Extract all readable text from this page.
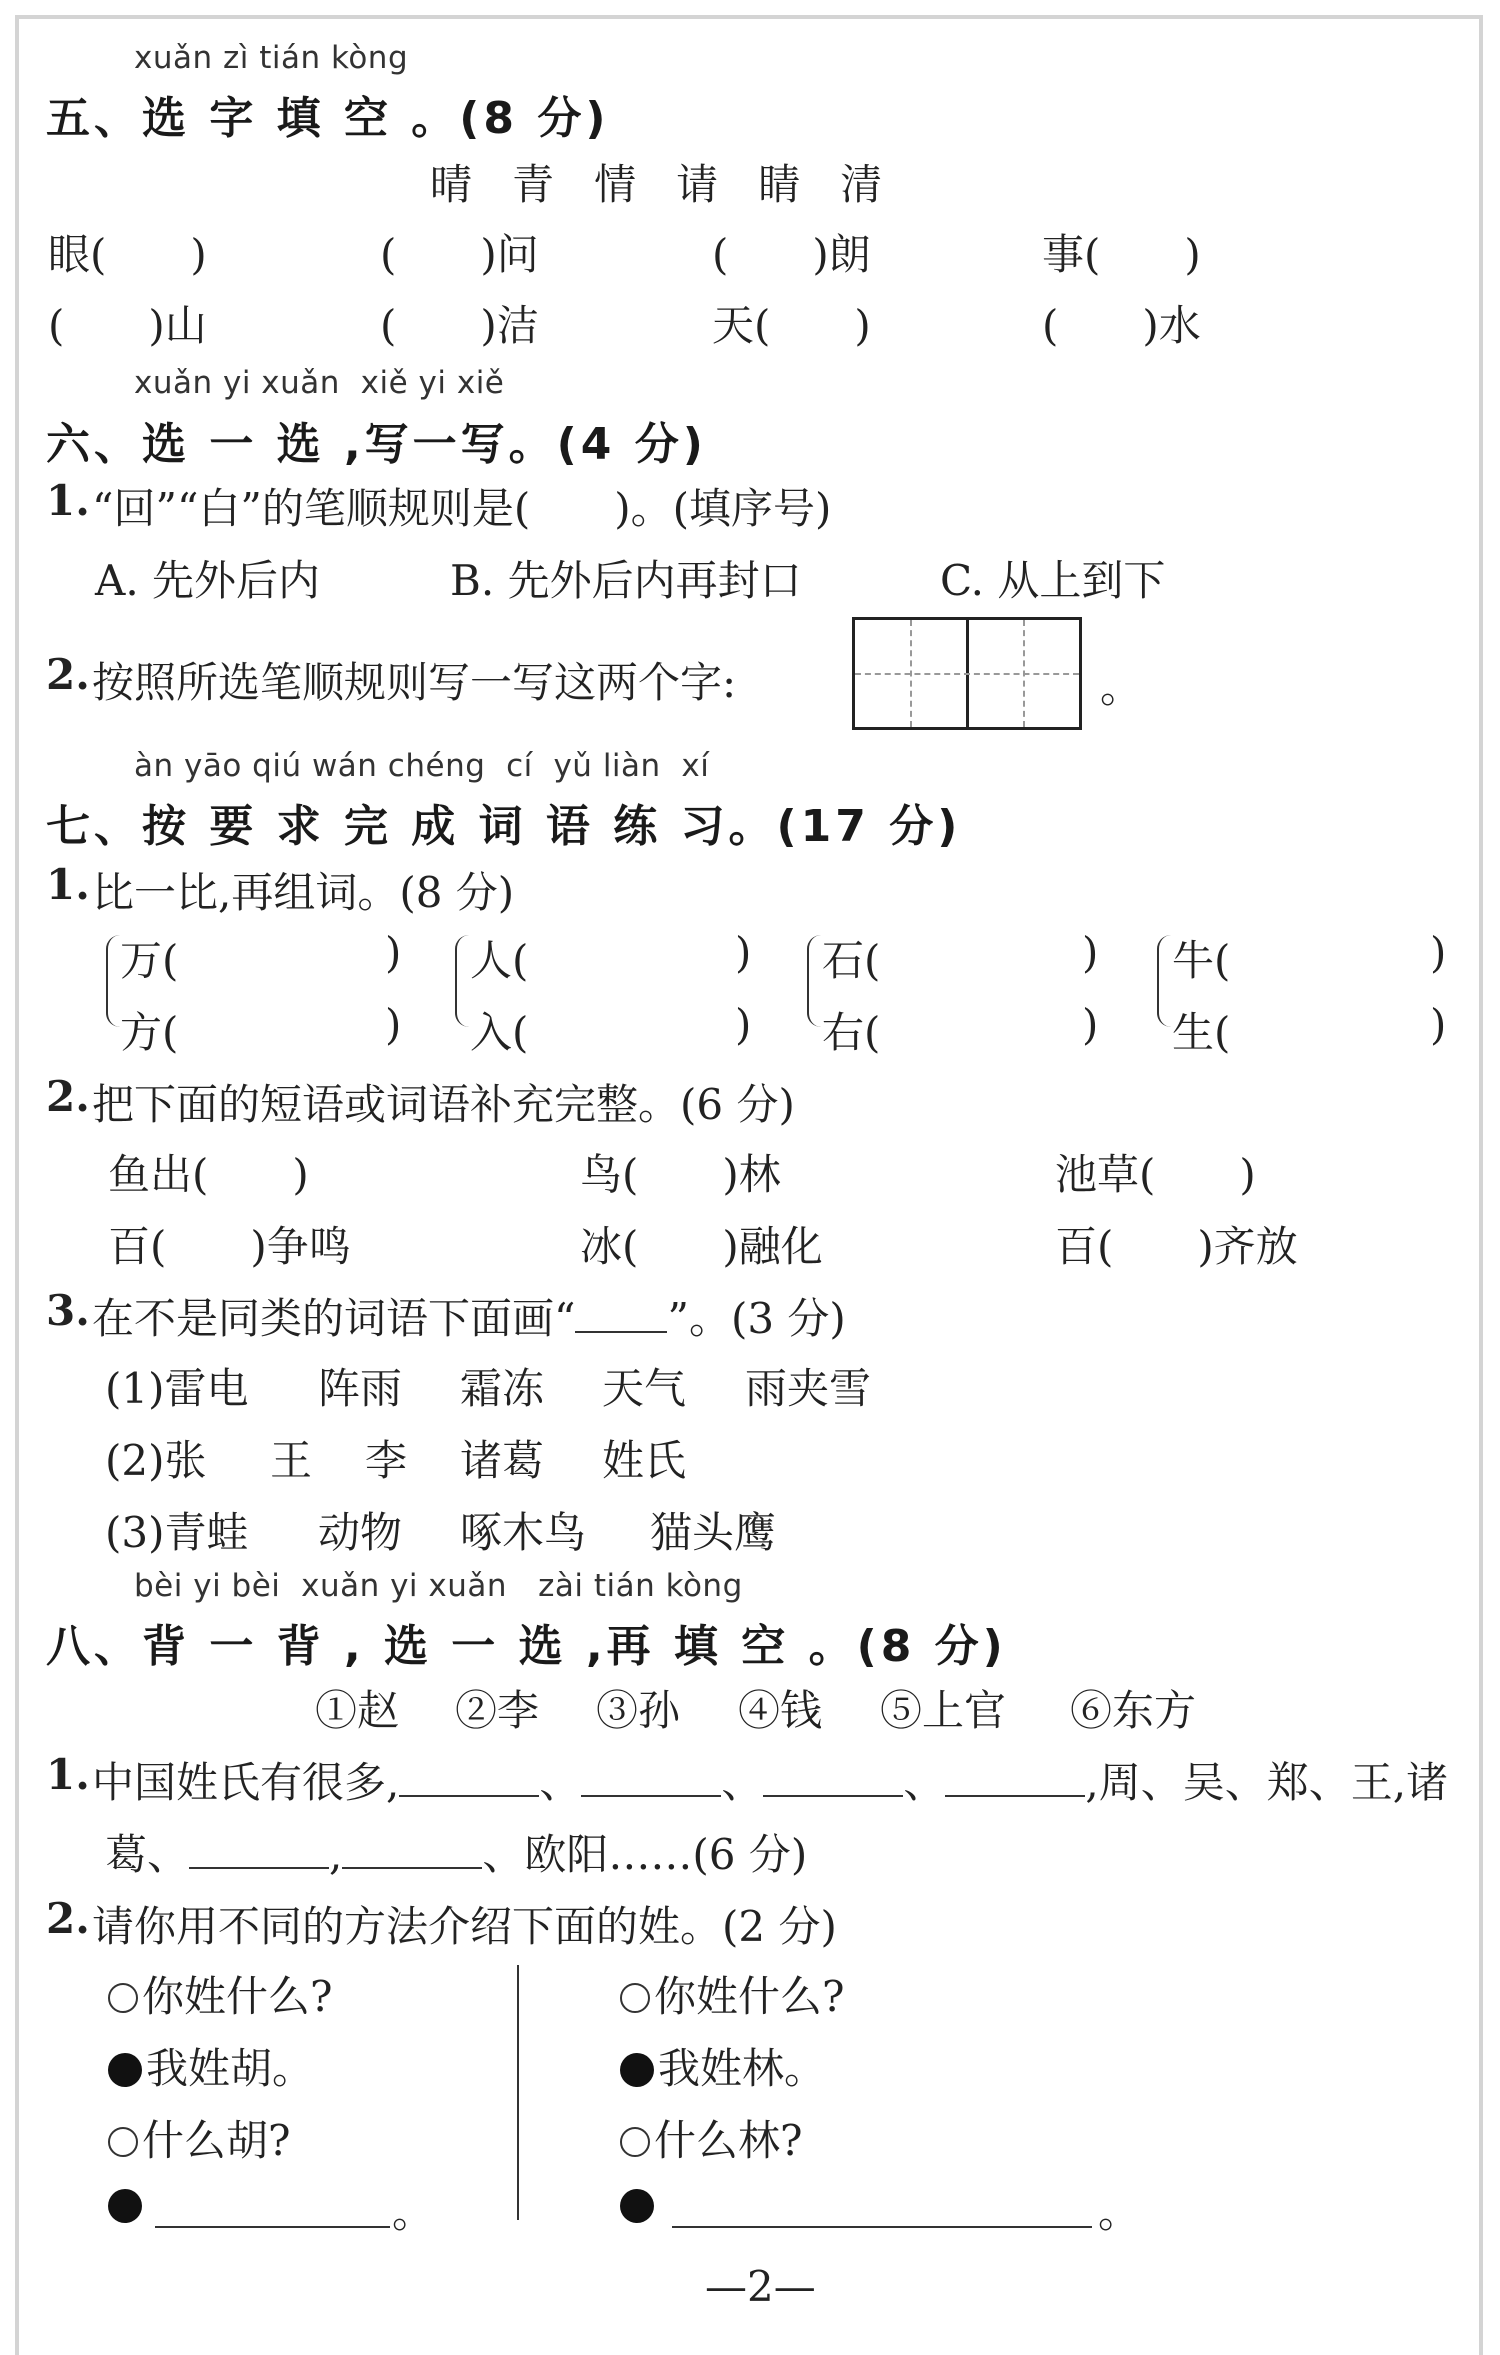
xuǎn zì tián kòng
五、选 字 填 空 。(8 分)
晴   青   情   请   睛   清
眼(　　)	(　　)问	(　　)朗	事(　　)
(　　)山	(　　)洁	天(　　)	(　　)水
xuǎn yi xuǎn  xiě yi xiě
六、选 一 选 ,写一写。(4 分)
1. “回”“白”的笔顺规则是(　　)。(填序号)
A. 先外后内	B. 先外后内再封口	C. 从上到下
2. 按照所选笔顺规则写一写这两个字:	。
àn yāo qiú wán chéng  cí  yǔ liàn  xí
七、按 要 求 完 成 词 语 练 习。(17 分)
1. 比一比,再组词。(8 分)
万(	)
方(	)
人(	)
入(	)
石(	)
右(	)
牛(	)
生(	)
2. 把下面的短语或词语补充完整。(6 分)
鱼出(　　)	鸟(　　)林	池草(　　)
百(　　)争鸣	冰(　　)融化	百(　　)齐放
3. 在不是同类的词语下面画“ ”。(3 分)
(1)雷电 阵雨 霜冻 天气 雨夹雪
(2)张 王 李 诸葛 姓氏
(3)青蛙 动物 啄木鸟 猫头鹰
bèi yi bèi  xuǎn yi xuǎn   zài tián kòng
八、背 一 背 , 选 一 选 ,再 填 空 。(8 分)
①赵 ②李 ③孙 ④钱 ⑤上官 ⑥东方
1. 中国姓氏有很多,	、	、	、	,周、吴、郑、王,诸
葛、	,	、欧阳……(6 分)
2. 请你用不同的方法介绍下面的姓。(2 分)
你姓什么?
我姓胡。
什么胡?
。
你姓什么?
我姓林。
什么林?
。
—2—
